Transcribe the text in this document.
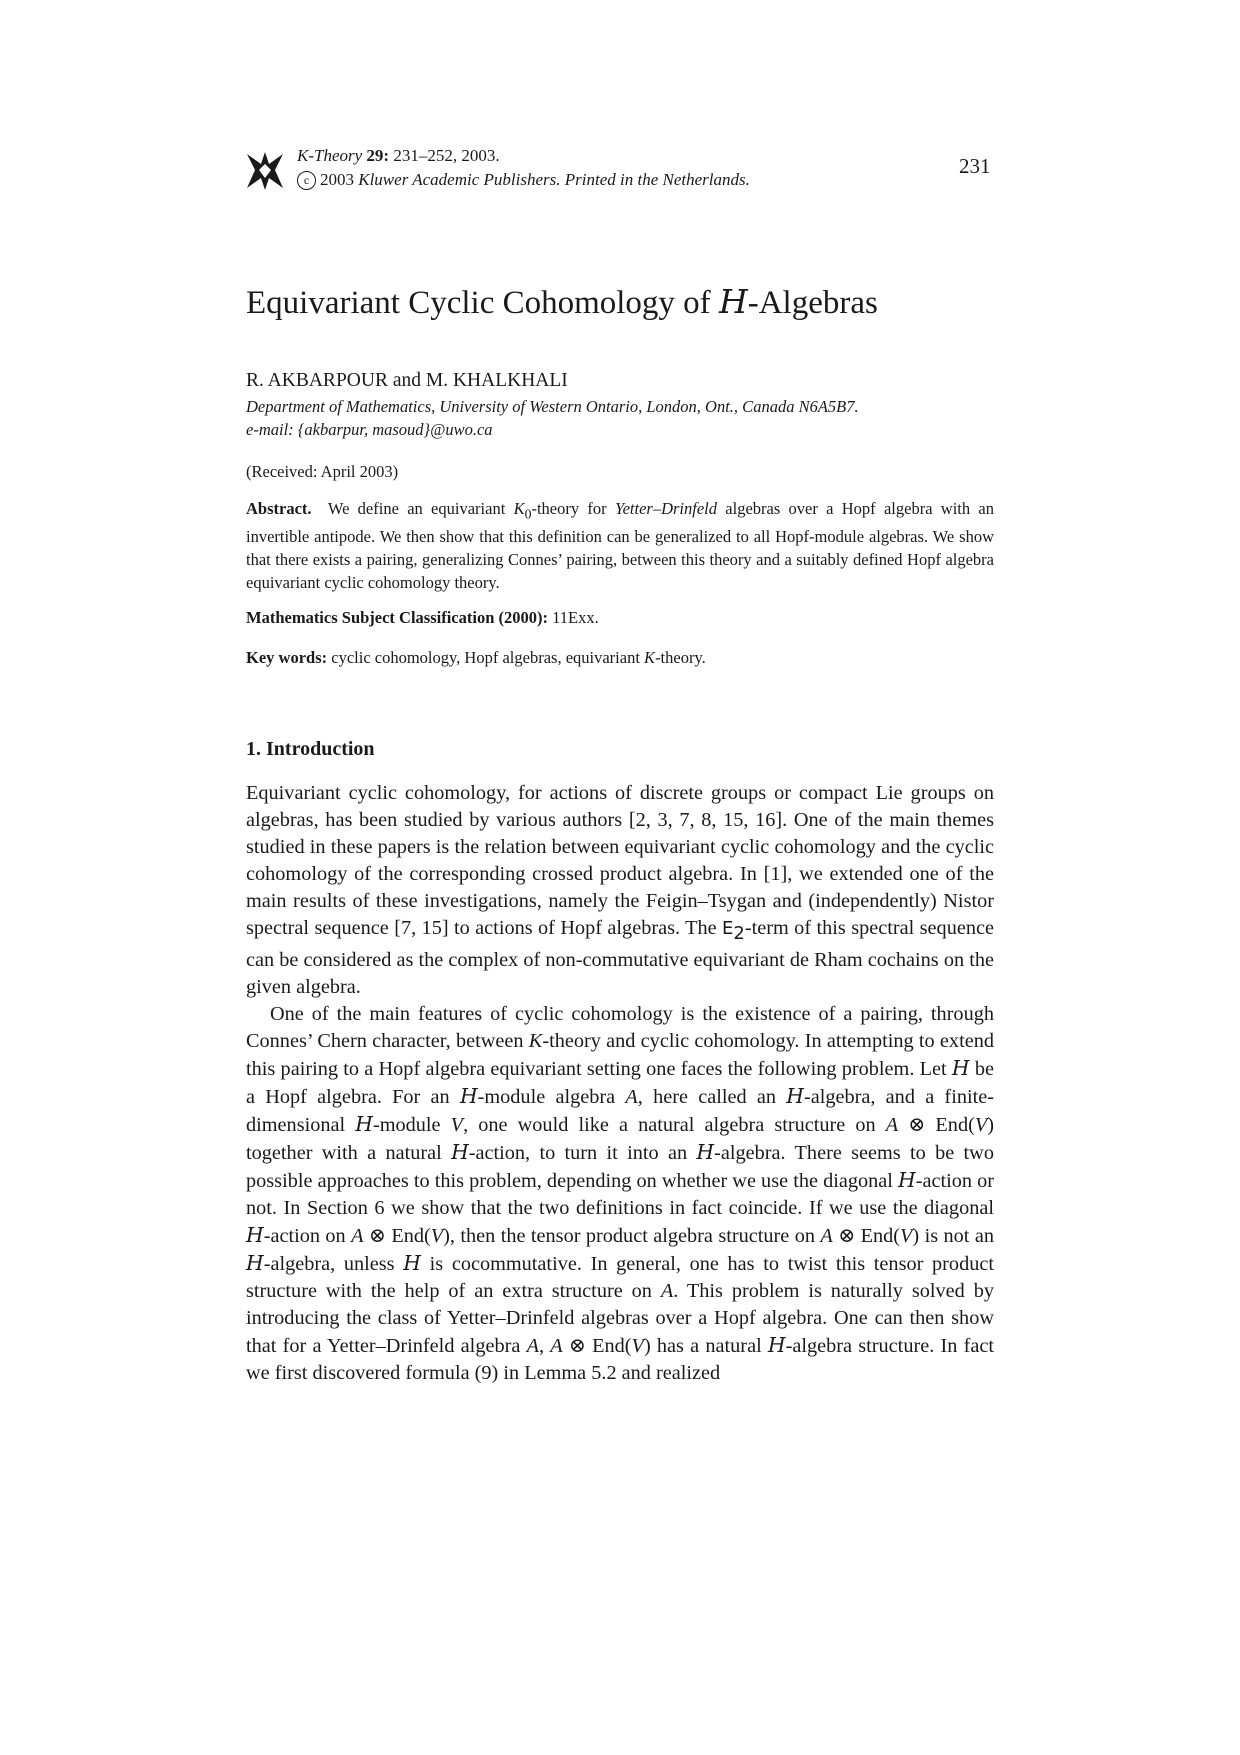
K-Theory 29: 231–252, 2003.
c 2003 Kluwer Academic Publishers. Printed in the Netherlands.
231
Equivariant Cyclic Cohomology of H-Algebras
R. AKBARPOUR and M. KHALKHALI
Department of Mathematics, University of Western Ontario, London, Ont., Canada N6A5B7.
e-mail: {akbarpur, masoud}@uwo.ca
(Received: April 2003)

Abstract. We define an equivariant $K_0$-theory for Yetter–Drinfeld algebras over a Hopf algebra with an invertible antipode. We then show that this definition can be generalized to all Hopf-module algebras. We show that there exists a pairing, generalizing Connes’ pairing, between this theory and a suitably defined Hopf algebra equivariant cyclic cohomology theory.

Mathematics Subject Classification (2000): 11Exx.
Key words: cyclic cohomology, Hopf algebras, equivariant K-theory.
1. Introduction

Equivariant cyclic cohomology, for actions of discrete groups or compact Lie groups on algebras, has been studied by various authors [2, 3, 7, 8, 15, 16]. One of the main themes studied in these papers is the relation between equivariant cyclic cohomology and the cyclic cohomology of the corresponding crossed product algebra. In [1], we extended one of the main results of these investigations, namely the Feigin–Tsygan and (independently) Nistor spectral sequence [7, 15] to actions of Hopf algebras. The $E_2$-term of this spectral sequence can be considered as the complex of non-commutative equivariant de Rham cochains on the given algebra.

One of the main features of cyclic cohomology is the existence of a pairing, through Connes’ Chern character, between K-theory and cyclic cohomology. In attempting to extend this pairing to a Hopf algebra equivariant setting one faces the following problem. Let H be a Hopf algebra. For an H-module algebra A, here called an H-algebra, and a finite-dimensional H-module V, one would like a natural algebra structure on A ⊗ End(V) together with a natural H-action, to turn it into an H-algebra. There seems to be two possible approaches to this problem, depending on whether we use the diagonal H-action or not. In Section 6 we show that the two definitions in fact coincide. If we use the diagonal H-action on A ⊗ End(V), then the tensor product algebra structure on A ⊗ End(V) is not an H-algebra, unless H is cocommutative. In general, one has to twist this tensor product structure with the help of an extra structure on A. This problem is naturally solved by introducing the class of Yetter–Drinfeld algebras over a Hopf algebra. One can then show that for a Yetter–Drinfeld algebra A, A ⊗ End(V) has a natural H-algebra structure. In fact we first discovered formula (9) in Lemma 5.2 and realized
